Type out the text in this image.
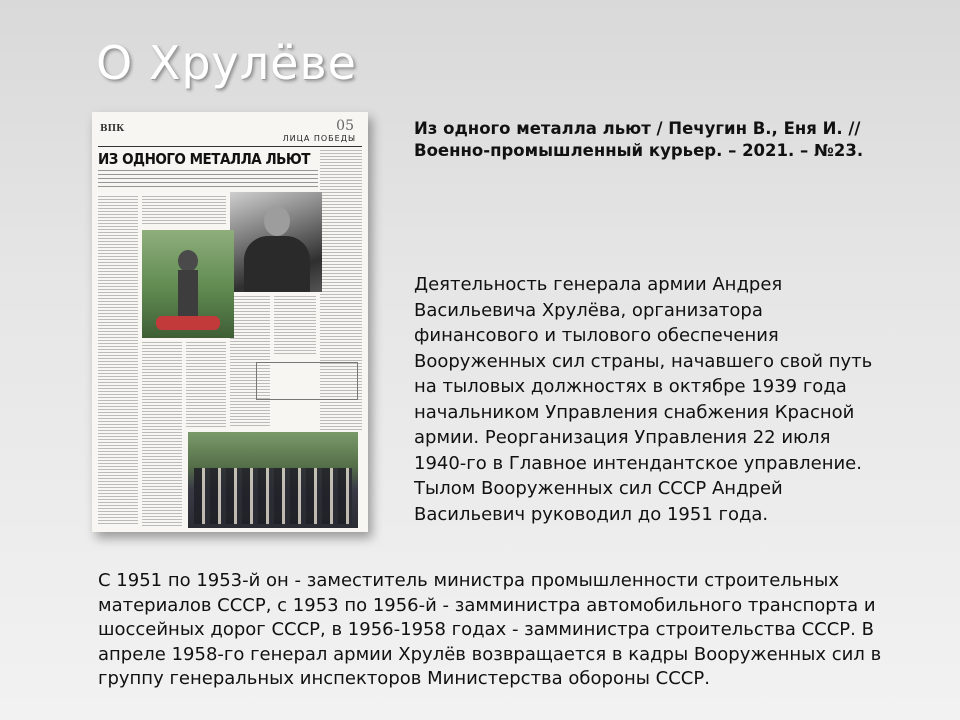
О Хрулёве
ВПК	05
ЛИЦА ПОБЕДЫ
ИЗ ОДНОГО МЕТАЛЛА ЛЬЮТ
Из одного металла льют / Печугин В., Еня И. // Военно-промышленный курьер. – 2021. – №23.
Деятельность генерала армии Андрея Васильевича Хрулёва, организатора финансового и тылового обеспечения Вооруженных сил страны, начавшего свой путь на тыловых должностях в октябре 1939 года начальником Управления снабжения Красной армии. Реорганизация Управления 22 июля 1940-го в Главное интендантское управление. Тылом Вооруженных сил СССР Андрей Васильевич руководил до 1951 года.
С 1951 по 1953-й он - заместитель министра промышленности строительных материалов СССР, с 1953 по 1956-й - замминистра автомобильного транспорта и шоссейных дорог СССР, в 1956-1958 годах - замминистра строительства СССР. В апреле 1958-го генерал армии Хрулёв возвращается в кадры Вооруженных сил в группу генеральных инспекторов Министерства обороны СССР.
